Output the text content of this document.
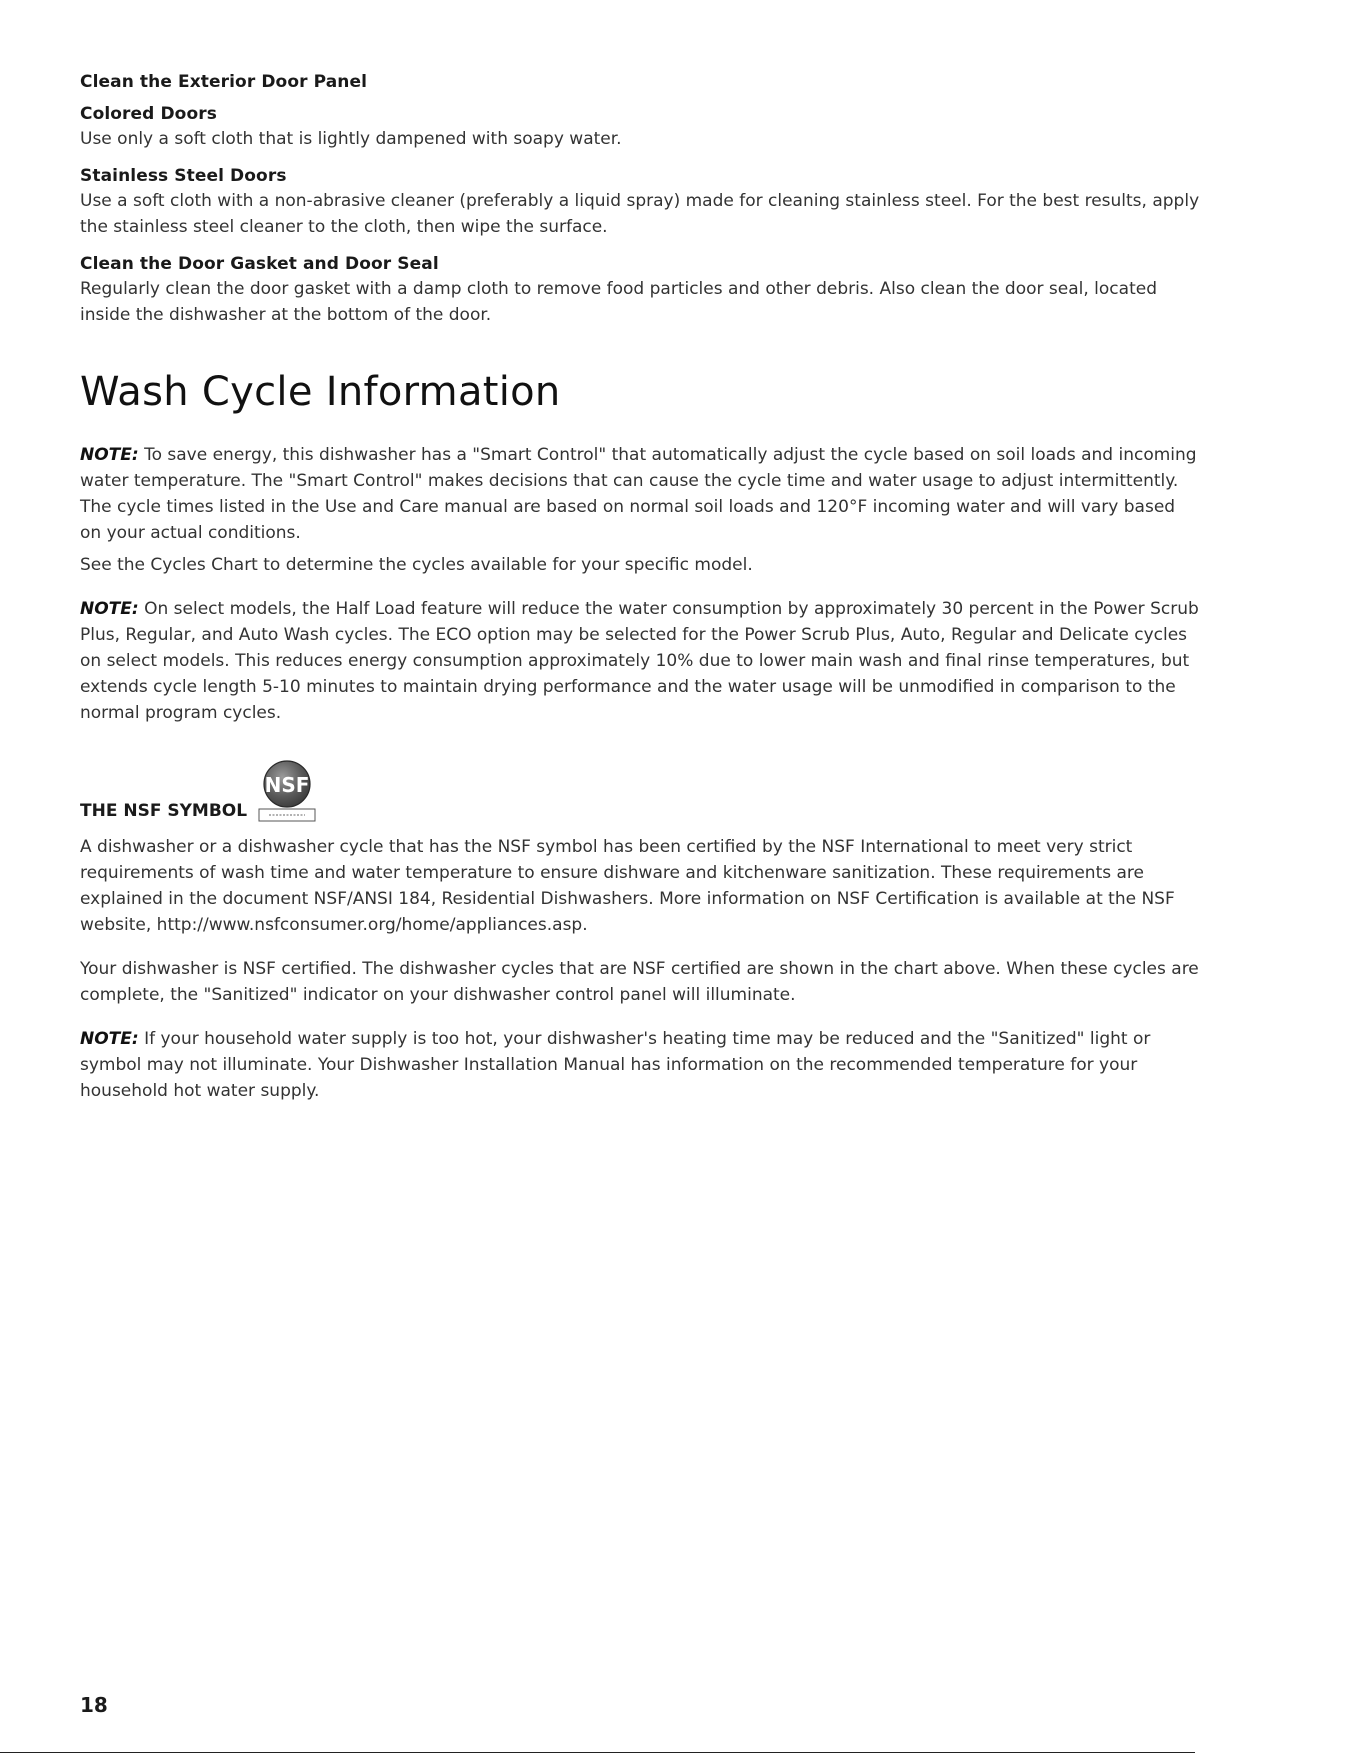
Clean the Exterior Door Panel

Colored Doors

Use only a soft cloth that is lightly dampened with soapy water.

Stainless Steel Doors

Use a soft cloth with a non-abrasive cleaner (preferably a liquid spray) made for cleaning stainless steel. For the best results, apply the stainless steel cleaner to the cloth, then wipe the surface.

Clean the Door Gasket and Door Seal

Regularly clean the door gasket with a damp cloth to remove food particles and other debris. Also clean the door seal, located inside the dishwasher at the bottom of the door.

Wash Cycle Information

NOTE: To save energy, this dishwasher has a "Smart Control" that automatically adjust the cycle based on soil loads and incoming water temperature. The "Smart Control" makes decisions that can cause the cycle time and water usage to adjust intermittently. The cycle times listed in the Use and Care manual are based on normal soil loads and 120°F incoming water and will vary based on your actual conditions.

See the Cycles Chart to determine the cycles available for your specific model.

NOTE: On select models, the Half Load feature will reduce the water consumption by approximately 30 percent in the Power Scrub Plus, Regular, and Auto Wash cycles. The ECO option may be selected for the Power Scrub Plus, Auto, Regular and Delicate cycles on select models. This reduces energy consumption approximately 10% due to lower main wash and final rinse temperatures, but extends cycle length 5-10 minutes to maintain drying performance and the water usage will be unmodified in comparison to the normal program cycles.

THE NSF SYMBOL

NSF

A dishwasher or a dishwasher cycle that has the NSF symbol has been certified by the NSF International to meet very strict requirements of wash time and water temperature to ensure dishware and kitchenware sanitization. These requirements are explained in the document NSF/ANSI 184, Residential Dishwashers. More information on NSF Certification is available at the NSF website, http://www.nsfconsumer.org/home/appliances.asp.

Your dishwasher is NSF certified. The dishwasher cycles that are NSF certified are shown in the chart above. When these cycles are complete, the "Sanitized" indicator on your dishwasher control panel will illuminate.

NOTE: If your household water supply is too hot, your dishwasher's heating time may be reduced and the "Sanitized" light or symbol may not illuminate. Your Dishwasher Installation Manual has information on the recommended temperature for your household hot water supply.

18
